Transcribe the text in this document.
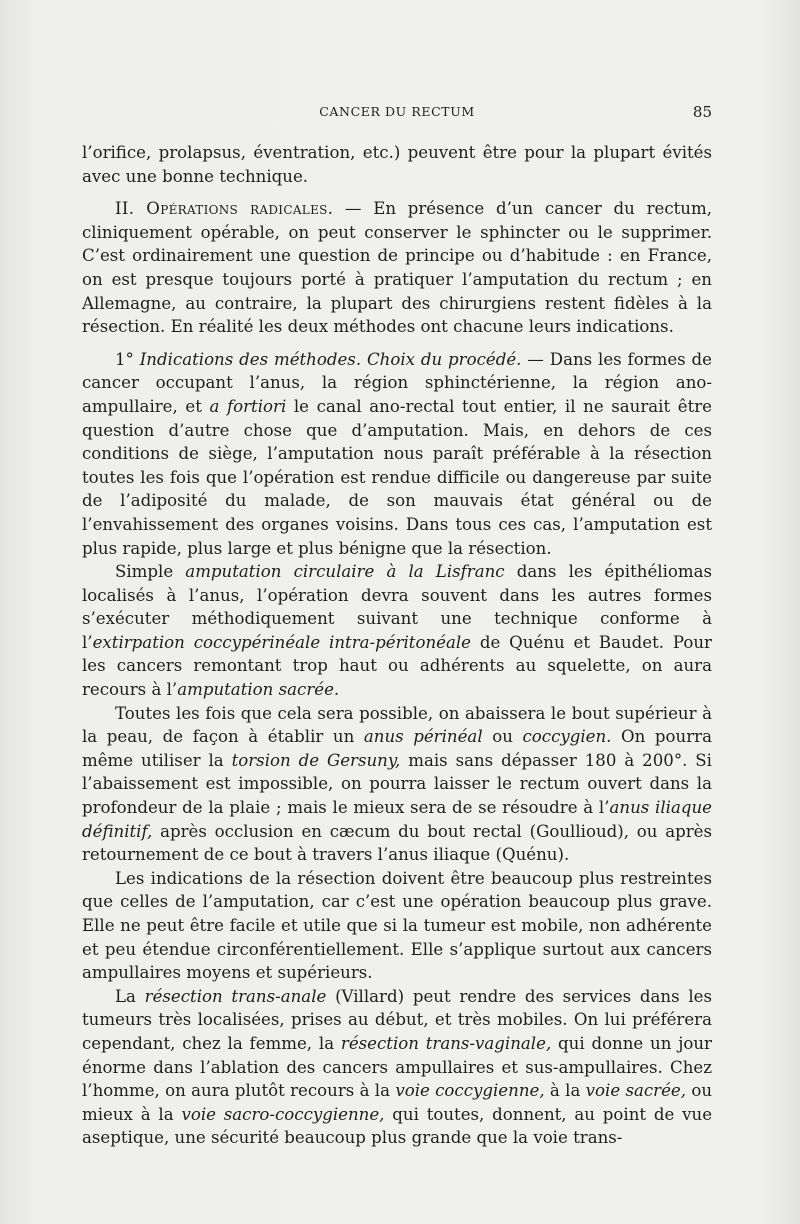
CANCER DU RECTUM	85

l’orifice, prolapsus, éventration, etc.) peuvent être pour la plupart évités avec une bonne technique.

II. Opérations radicales. — En présence d’un cancer du rectum, cliniquement opérable, on peut conserver le sphincter ou le supprimer. C’est ordinairement une question de principe ou d’habitude : en France, on est presque toujours porté à pratiquer l’amputation du rectum ; en Allemagne, au contraire, la plupart des chirurgiens restent fidèles à la résection. En réalité les deux méthodes ont chacune leurs indications.

1° Indications des méthodes. Choix du procédé. — Dans les formes de cancer occupant l’anus, la région sphinctérienne, la région ano-ampullaire, et a fortiori le canal ano-rectal tout entier, il ne saurait être question d’autre chose que d’amputation. Mais, en dehors de ces conditions de siège, l’amputation nous paraît préférable à la résection toutes les fois que l’opération est rendue difficile ou dangereuse par suite de l’adiposité du malade, de son mauvais état général ou de l’envahissement des organes voisins. Dans tous ces cas, l’amputation est plus rapide, plus large et plus bénigne que la résection.

Simple amputation circulaire à la Lisfranc dans les épithéliomas localisés à l’anus, l’opération devra souvent dans les autres formes s’exécuter méthodiquement suivant une technique conforme à l’extirpation coccypérinéale intra-péritonéale de Quénu et Baudet. Pour les cancers remontant trop haut ou adhérents au squelette, on aura recours à l’amputation sacrée.

Toutes les fois que cela sera possible, on abaissera le bout supérieur à la peau, de façon à établir un anus périnéal ou coccygien. On pourra même utiliser la torsion de Gersuny, mais sans dépasser 180 à 200°. Si l’abaissement est impossible, on pourra laisser le rectum ouvert dans la profondeur de la plaie ; mais le mieux sera de se résoudre à l’anus iliaque définitif, après occlusion en cæcum du bout rectal (Goullioud), ou après retournement de ce bout à travers l’anus iliaque (Quénu).

Les indications de la résection doivent être beaucoup plus restreintes que celles de l’amputation, car c’est une opération beaucoup plus grave. Elle ne peut être facile et utile que si la tumeur est mobile, non adhérente et peu étendue circonférentiellement. Elle s’applique surtout aux cancers ampullaires moyens et supérieurs.

La résection trans-anale (Villard) peut rendre des services dans les tumeurs très localisées, prises au début, et très mobiles. On lui préférera cependant, chez la femme, la résection trans-vaginale, qui donne un jour énorme dans l’ablation des cancers ampullaires et sus-ampullaires. Chez l’homme, on aura plutôt recours à la voie coccygienne, à la voie sacrée, ou mieux à la voie sacro-coccygienne, qui toutes, donnent, au point de vue aseptique, une sécurité beaucoup plus grande que la voie trans-
